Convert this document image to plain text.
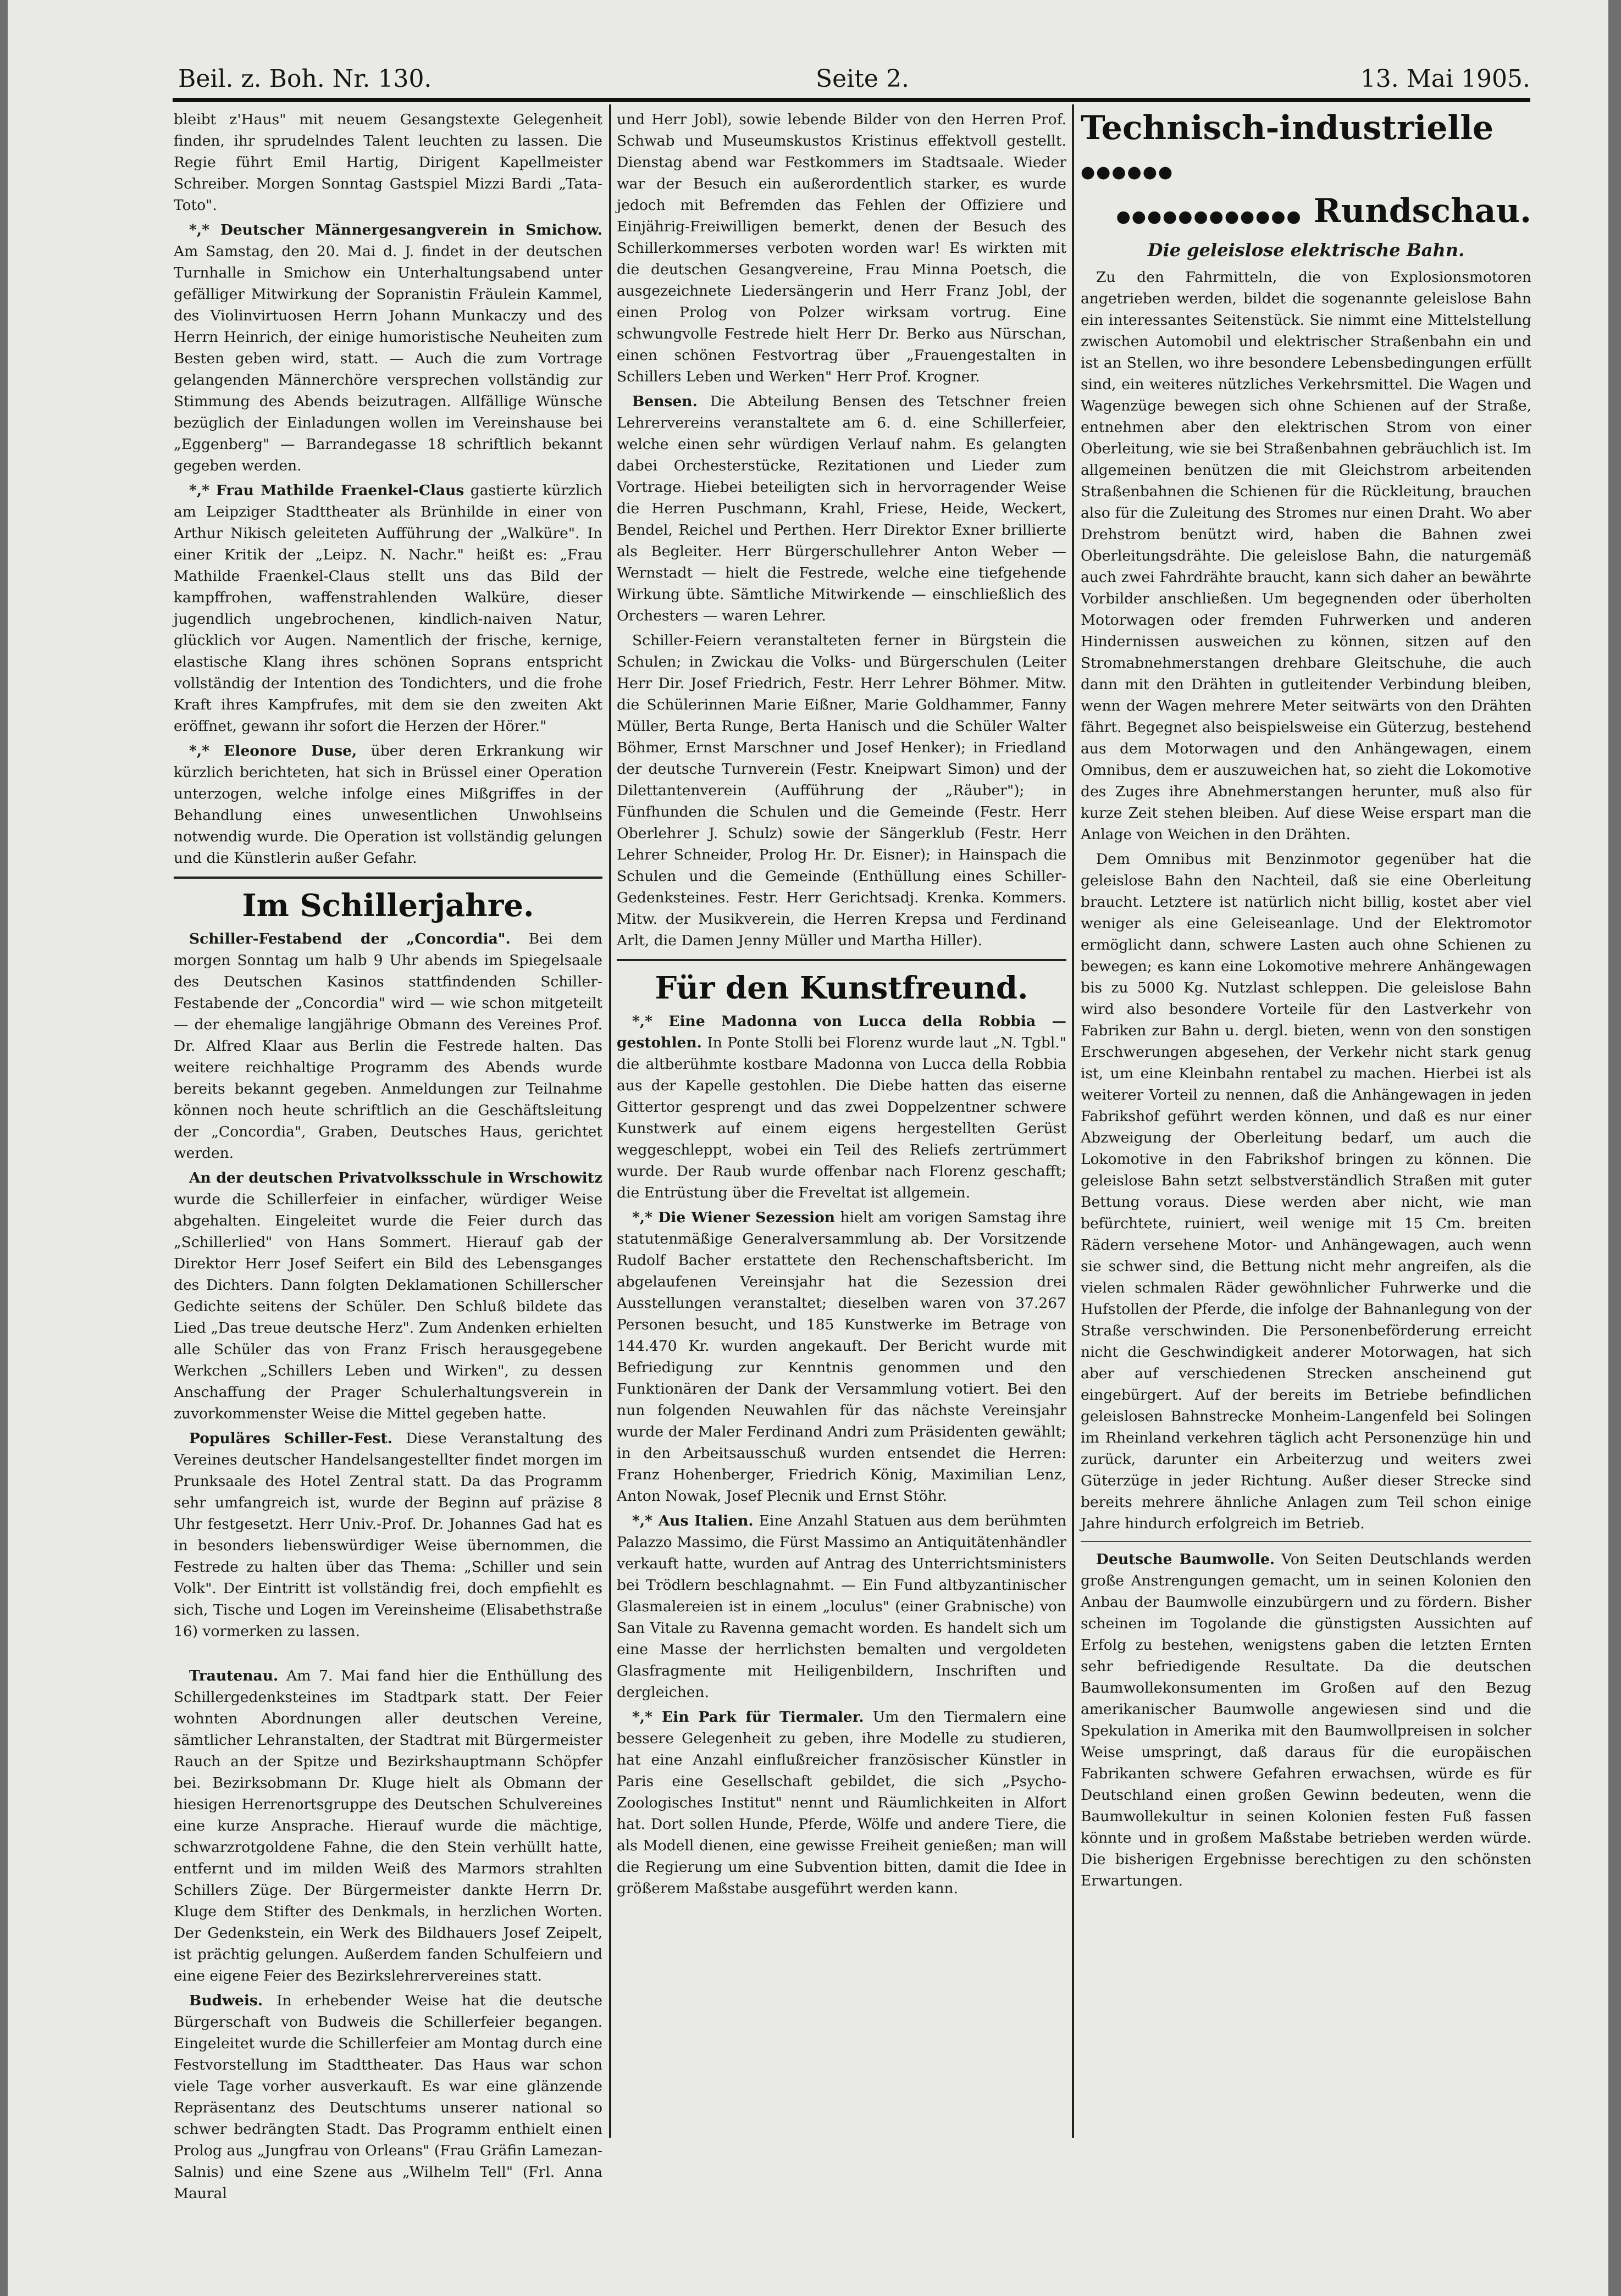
Beil. z. Boh. Nr. 130.	Seite 2.	13. Mai 1905.

bleibt z'Haus" mit neuem Gesangstexte Gelegenheit finden, ihr sprudelndes Talent leuchten zu lassen. Die Regie führt Emil Hartig, Dirigent Kapellmeister Schreiber. Morgen Sonntag Gastspiel Mizzi Bardi „Tata-Toto".

*,* Deutscher Männergesangverein in Smichow. Am Samstag, den 20. Mai d. J. findet in der deutschen Turnhalle in Smichow ein Unterhaltungsabend unter gefälliger Mitwirkung der Sopranistin Fräulein Kammel, des Violinvirtuosen Herrn Johann Munkaczy und des Herrn Heinrich, der einige humoristische Neuheiten zum Besten geben wird, statt. — Auch die zum Vortrage gelangenden Männerchöre versprechen vollständig zur Stimmung des Abends beizutragen. Allfällige Wünsche bezüglich der Einladungen wollen im Vereinshause bei „Eggenberg" — Barrandegasse 18 schriftlich bekannt gegeben werden.

*,* Frau Mathilde Fraenkel-Claus gastierte kürzlich am Leipziger Stadttheater als Brünhilde in einer von Arthur Nikisch geleiteten Aufführung der „Walküre". In einer Kritik der „Leipz. N. Nachr." heißt es: „Frau Mathilde Fraenkel-Claus stellt uns das Bild der kampffrohen, waffenstrahlenden Walküre, dieser jugendlich ungebrochenen, kindlich-naiven Natur, glücklich vor Augen. Namentlich der frische, kernige, elastische Klang ihres schönen Soprans entspricht vollständig der Intention des Tondichters, und die frohe Kraft ihres Kampfrufes, mit dem sie den zweiten Akt eröffnet, gewann ihr sofort die Herzen der Hörer."

*,* Eleonore Duse, über deren Erkrankung wir kürzlich berichteten, hat sich in Brüssel einer Operation unterzogen, welche infolge eines Mißgriffes in der Behandlung eines unwesentlichen Unwohlseins notwendig wurde. Die Operation ist vollständig gelungen und die Künstlerin außer Gefahr.

Im Schillerjahre.

Schiller-Festabend der „Concordia". Bei dem morgen Sonntag um halb 9 Uhr abends im Spiegelsaale des Deutschen Kasinos stattfindenden Schiller-Festabende der „Concordia" wird — wie schon mitgeteilt — der ehemalige langjährige Obmann des Vereines Prof. Dr. Alfred Klaar aus Berlin die Festrede halten. Das weitere reichhaltige Programm des Abends wurde bereits bekannt gegeben. Anmeldungen zur Teilnahme können noch heute schriftlich an die Geschäftsleitung der „Concordia", Graben, Deutsches Haus, gerichtet werden.

An der deutschen Privatvolksschule in Wrschowitz wurde die Schillerfeier in einfacher, würdiger Weise abgehalten. Eingeleitet wurde die Feier durch das „Schillerlied" von Hans Sommert. Hierauf gab der Direktor Herr Josef Seifert ein Bild des Lebensganges des Dichters. Dann folgten Deklamationen Schillerscher Gedichte seitens der Schüler. Den Schluß bildete das Lied „Das treue deutsche Herz". Zum Andenken erhielten alle Schüler das von Franz Frisch herausgegebene Werkchen „Schillers Leben und Wirken", zu dessen Anschaffung der Prager Schulerhaltungsverein in zuvorkommenster Weise die Mittel gegeben hatte.

Populäres Schiller-Fest. Diese Veranstaltung des Vereines deutscher Handelsangestellter findet morgen im Prunksaale des Hotel Zentral statt. Da das Programm sehr umfangreich ist, wurde der Beginn auf präzise 8 Uhr festgesetzt. Herr Univ.-Prof. Dr. Johannes Gad hat es in besonders liebenswürdiger Weise übernommen, die Festrede zu halten über das Thema: „Schiller und sein Volk". Der Eintritt ist vollständig frei, doch empfiehlt es sich, Tische und Logen im Vereinsheime (Elisabethstraße 16) vormerken zu lassen.

Trautenau. Am 7. Mai fand hier die Enthüllung des Schillergedenksteines im Stadtpark statt. Der Feier wohnten Abordnungen aller deutschen Vereine, sämtlicher Lehranstalten, der Stadtrat mit Bürgermeister Rauch an der Spitze und Bezirkshauptmann Schöpfer bei. Bezirksobmann Dr. Kluge hielt als Obmann der hiesigen Herrenortsgruppe des Deutschen Schulvereines eine kurze Ansprache. Hierauf wurde die mächtige, schwarzrotgoldene Fahne, die den Stein verhüllt hatte, entfernt und im milden Weiß des Marmors strahlten Schillers Züge. Der Bürgermeister dankte Herrn Dr. Kluge dem Stifter des Denkmals, in herzlichen Worten. Der Gedenkstein, ein Werk des Bildhauers Josef Zeipelt, ist prächtig gelungen. Außerdem fanden Schulfeiern und eine eigene Feier des Bezirkslehrervereines statt.

Budweis. In erhebender Weise hat die deutsche Bürgerschaft von Budweis die Schillerfeier begangen. Eingeleitet wurde die Schillerfeier am Montag durch eine Festvorstellung im Stadttheater. Das Haus war schon viele Tage vorher ausverkauft. Es war eine glänzende Repräsentanz des Deutschtums unserer national so schwer bedrängten Stadt. Das Programm enthielt einen Prolog aus „Jungfrau von Orleans" (Frau Gräfin Lamezan-Salnis) und eine Szene aus „Wilhelm Tell" (Frl. Anna Maural

und Herr Jobl), sowie lebende Bilder von den Herren Prof. Schwab und Museumskustos Kristinus effektvoll gestellt. Dienstag abend war Festkommers im Stadtsaale. Wieder war der Besuch ein außerordentlich starker, es wurde jedoch mit Befremden das Fehlen der Offiziere und Einjährig-Freiwilligen bemerkt, denen der Besuch des Schillerkommerses verboten worden war! Es wirkten mit die deutschen Gesangvereine, Frau Minna Poetsch, die ausgezeichnete Liedersängerin und Herr Franz Jobl, der einen Prolog von Polzer wirksam vortrug. Eine schwungvolle Festrede hielt Herr Dr. Berko aus Nürschan, einen schönen Festvortrag über „Frauengestalten in Schillers Leben und Werken" Herr Prof. Krogner.

Bensen. Die Abteilung Bensen des Tetschner freien Lehrervereins veranstaltete am 6. d. eine Schillerfeier, welche einen sehr würdigen Verlauf nahm. Es gelangten dabei Orchesterstücke, Rezitationen und Lieder zum Vortrage. Hiebei beteiligten sich in hervorragender Weise die Herren Puschmann, Krahl, Friese, Heide, Weckert, Bendel, Reichel und Perthen. Herr Direktor Exner brillierte als Begleiter. Herr Bürgerschullehrer Anton Weber — Wernstadt — hielt die Festrede, welche eine tiefgehende Wirkung übte. Sämtliche Mitwirkende — einschließlich des Orchesters — waren Lehrer.

Schiller-Feiern veranstalteten ferner in Bürgstein die Schulen; in Zwickau die Volks- und Bürgerschulen (Leiter Herr Dir. Josef Friedrich, Festr. Herr Lehrer Böhmer. Mitw. die Schülerinnen Marie Eißner, Marie Goldhammer, Fanny Müller, Berta Runge, Berta Hanisch und die Schüler Walter Böhmer, Ernst Marschner und Josef Henker); in Friedland der deutsche Turnverein (Festr. Kneipwart Simon) und der Dilettantenverein (Aufführung der „Räuber"); in Fünfhunden die Schulen und die Gemeinde (Festr. Herr Oberlehrer J. Schulz) sowie der Sängerklub (Festr. Herr Lehrer Schneider, Prolog Hr. Dr. Eisner); in Hainspach die Schulen und die Gemeinde (Enthüllung eines Schiller-Gedenksteines. Festr. Herr Gerichtsadj. Krenka. Kommers. Mitw. der Musikverein, die Herren Krepsa und Ferdinand Arlt, die Damen Jenny Müller und Martha Hiller).

Für den Kunstfreund.

*,* Eine Madonna von Lucca della Robbia — gestohlen. In Ponte Stolli bei Florenz wurde laut „N. Tgbl." die altberühmte kostbare Madonna von Lucca della Robbia aus der Kapelle gestohlen. Die Diebe hatten das eiserne Gittertor gesprengt und das zwei Doppelzentner schwere Kunstwerk auf einem eigens hergestellten Gerüst weggeschleppt, wobei ein Teil des Reliefs zertrümmert wurde. Der Raub wurde offenbar nach Florenz geschafft; die Entrüstung über die Freveltat ist allgemein.

*,* Die Wiener Sezession hielt am vorigen Samstag ihre statutenmäßige Generalversammlung ab. Der Vorsitzende Rudolf Bacher erstattete den Rechenschaftsbericht. Im abgelaufenen Vereinsjahr hat die Sezession drei Ausstellungen veranstaltet; dieselben waren von 37.267 Personen besucht, und 185 Kunstwerke im Betrage von 144.470 Kr. wurden angekauft. Der Bericht wurde mit Befriedigung zur Kenntnis genommen und den Funktionären der Dank der Versammlung votiert. Bei den nun folgenden Neuwahlen für das nächste Vereinsjahr wurde der Maler Ferdinand Andri zum Präsidenten gewählt; in den Arbeitsausschuß wurden entsendet die Herren: Franz Hohenberger, Friedrich König, Maximilian Lenz, Anton Nowak, Josef Plecnik und Ernst Stöhr.

*,* Aus Italien. Eine Anzahl Statuen aus dem berühmten Palazzo Massimo, die Fürst Massimo an Antiquitätenhändler verkauft hatte, wurden auf Antrag des Unterrichtsministers bei Trödlern beschlagnahmt. — Ein Fund altbyzantinischer Glasmalereien ist in einem „loculus" (einer Grabnische) von San Vitale zu Ravenna gemacht worden. Es handelt sich um eine Masse der herrlichsten bemalten und vergoldeten Glasfragmente mit Heiligenbildern, Inschriften und dergleichen.

*,* Ein Park für Tiermaler. Um den Tiermalern eine bessere Gelegenheit zu geben, ihre Modelle zu studieren, hat eine Anzahl einflußreicher französischer Künstler in Paris eine Gesellschaft gebildet, die sich „Psycho-Zoologisches Institut" nennt und Räumlichkeiten in Alfort hat. Dort sollen Hunde, Pferde, Wölfe und andere Tiere, die als Modell dienen, eine gewisse Freiheit genießen; man will die Regierung um eine Subvention bitten, damit die Idee in größerem Maßstabe ausgeführt werden kann.

Technisch-industrielle ●●●●●●
●●●●●●●●●●●● Rundschau.
Die geleislose elektrische Bahn.

Zu den Fahrmitteln, die von Explosionsmotoren angetrieben werden, bildet die sogenannte geleislose Bahn ein interessantes Seitenstück. Sie nimmt eine Mittelstellung zwischen Automobil und elektrischer Straßenbahn ein und ist an Stellen, wo ihre besondere Lebensbedingungen erfüllt sind, ein weiteres nützliches Verkehrsmittel. Die Wagen und Wagenzüge bewegen sich ohne Schienen auf der Straße, entnehmen aber den elektrischen Strom von einer Oberleitung, wie sie bei Straßenbahnen gebräuchlich ist. Im allgemeinen benützen die mit Gleichstrom arbeitenden Straßenbahnen die Schienen für die Rückleitung, brauchen also für die Zuleitung des Stromes nur einen Draht. Wo aber Drehstrom benützt wird, haben die Bahnen zwei Oberleitungsdrähte. Die geleislose Bahn, die naturgemäß auch zwei Fahrdrähte braucht, kann sich daher an bewährte Vorbilder anschließen. Um begegnenden oder überholten Motorwagen oder fremden Fuhrwerken und anderen Hindernissen ausweichen zu können, sitzen auf den Stromabnehmerstangen drehbare Gleitschuhe, die auch dann mit den Drähten in gutleitender Verbindung bleiben, wenn der Wagen mehrere Meter seitwärts von den Drähten fährt. Begegnet also beispielsweise ein Güterzug, bestehend aus dem Motorwagen und den Anhängewagen, einem Omnibus, dem er auszuweichen hat, so zieht die Lokomotive des Zuges ihre Abnehmerstangen herunter, muß also für kurze Zeit stehen bleiben. Auf diese Weise erspart man die Anlage von Weichen in den Drähten.

Dem Omnibus mit Benzinmotor gegenüber hat die geleislose Bahn den Nachteil, daß sie eine Oberleitung braucht. Letztere ist natürlich nicht billig, kostet aber viel weniger als eine Geleiseanlage. Und der Elektromotor ermöglicht dann, schwere Lasten auch ohne Schienen zu bewegen; es kann eine Lokomotive mehrere Anhängewagen bis zu 5000 Kg. Nutzlast schleppen. Die geleislose Bahn wird also besondere Vorteile für den Lastverkehr von Fabriken zur Bahn u. dergl. bieten, wenn von den sonstigen Erschwerungen abgesehen, der Verkehr nicht stark genug ist, um eine Kleinbahn rentabel zu machen. Hierbei ist als weiterer Vorteil zu nennen, daß die Anhängewagen in jeden Fabrikshof geführt werden können, und daß es nur einer Abzweigung der Oberleitung bedarf, um auch die Lokomotive in den Fabrikshof bringen zu können. Die geleislose Bahn setzt selbstverständlich Straßen mit guter Bettung voraus. Diese werden aber nicht, wie man befürchtete, ruiniert, weil wenige mit 15 Cm. breiten Rädern versehene Motor- und Anhängewagen, auch wenn sie schwer sind, die Bettung nicht mehr angreifen, als die vielen schmalen Räder gewöhnlicher Fuhrwerke und die Hufstollen der Pferde, die infolge der Bahnanlegung von der Straße verschwinden. Die Personenbeförderung erreicht nicht die Geschwindigkeit anderer Motorwagen, hat sich aber auf verschiedenen Strecken anscheinend gut eingebürgert. Auf der bereits im Betriebe befindlichen geleislosen Bahnstrecke Monheim-Langenfeld bei Solingen im Rheinland verkehren täglich acht Personenzüge hin und zurück, darunter ein Arbeiterzug und weiters zwei Güterzüge in jeder Richtung. Außer dieser Strecke sind bereits mehrere ähnliche Anlagen zum Teil schon einige Jahre hindurch erfolgreich im Betrieb.

Deutsche Baumwolle. Von Seiten Deutschlands werden große Anstrengungen gemacht, um in seinen Kolonien den Anbau der Baumwolle einzubürgern und zu fördern. Bisher scheinen im Togolande die günstigsten Aussichten auf Erfolg zu bestehen, wenigstens gaben die letzten Ernten sehr befriedigende Resultate. Da die deutschen Baumwollekonsumenten im Großen auf den Bezug amerikanischer Baumwolle angewiesen sind und die Spekulation in Amerika mit den Baumwollpreisen in solcher Weise umspringt, daß daraus für die europäischen Fabrikanten schwere Gefahren erwachsen, würde es für Deutschland einen großen Gewinn bedeuten, wenn die Baumwollekultur in seinen Kolonien festen Fuß fassen könnte und in großem Maßstabe betrieben werden würde. Die bisherigen Ergebnisse berechtigen zu den schönsten Erwartungen.
